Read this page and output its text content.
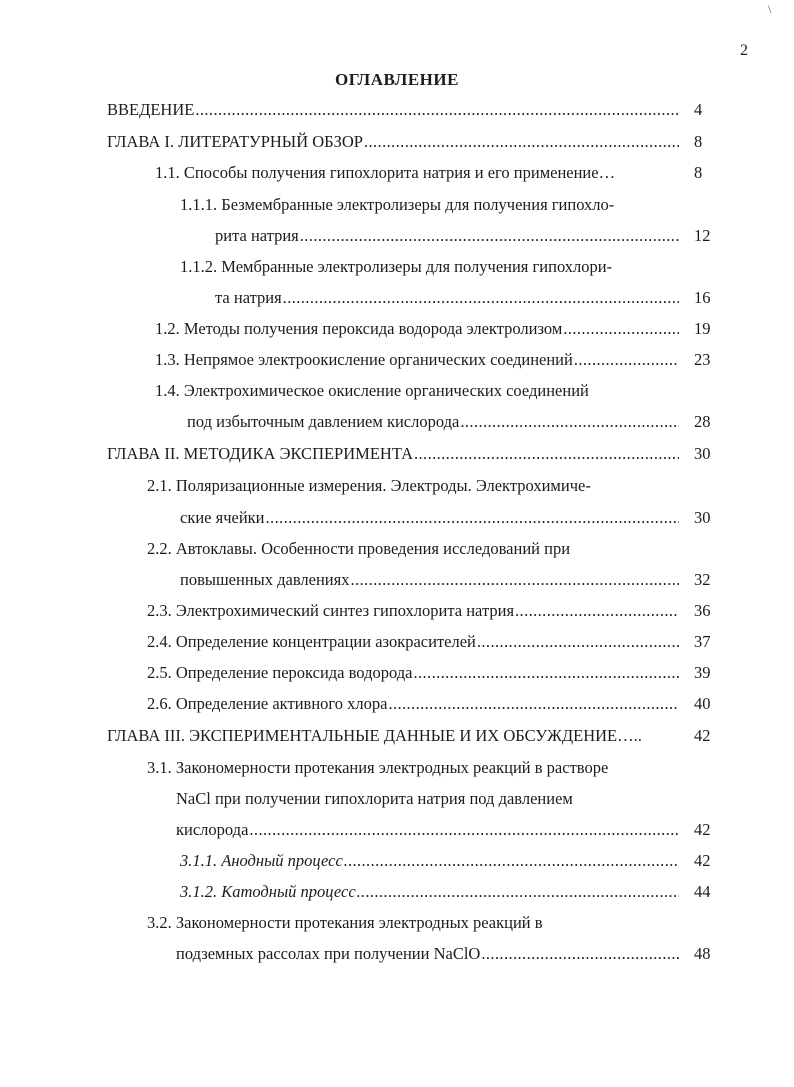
\
2
ОГЛАВЛЕНИЕ
ВВЕДЕНИЕ .....	4
ГЛАВА I. ЛИТЕРАТУРНЫЙ ОБЗОР .....	8
1.1. Способы получения гипохлорита натрия и его применение…	8
1.1.1. Безмембранные электролизеры для получения гипохло-
рита натрия .....	12
1.1.2. Мембранные электролизеры для получения гипохлори-
та натрия .....	16
1.2. Методы получения пероксида водорода электролизом .....	19
1.3. Непрямое электроокисление органических соединений .....	23
1.4. Электрохимическое окисление органических соединений
под избыточным давлением кислорода .....	28
ГЛАВА II. МЕТОДИКА ЭКСПЕРИМЕНТА .....	30
2.1. Поляризационные измерения. Электроды. Электрохимиче-
ские ячейки .....	30
2.2. Автоклавы. Особенности проведения исследований при
повышенных давлениях .....	32
2.3. Электрохимический синтез гипохлорита натрия .....	36
2.4. Определение концентрации азокрасителей .....	37
2.5. Определение пероксида водорода .....	39
2.6. Определение активного хлора .....	40
ГЛАВА III. ЭКСПЕРИМЕНТАЛЬНЫЕ ДАННЫЕ И ИХ ОБСУЖДЕНИЕ…..	42
3.1. Закономерности протекания электродных реакций в растворе
NaCl при получении гипохлорита натрия под давлением
кислорода .....	42
3.1.1. Анодный процесс .....	42
3.1.2. Катодный процесс .....	44
3.2. Закономерности протекания электродных реакций в
подземных рассолах при получении NaClO .....	48
